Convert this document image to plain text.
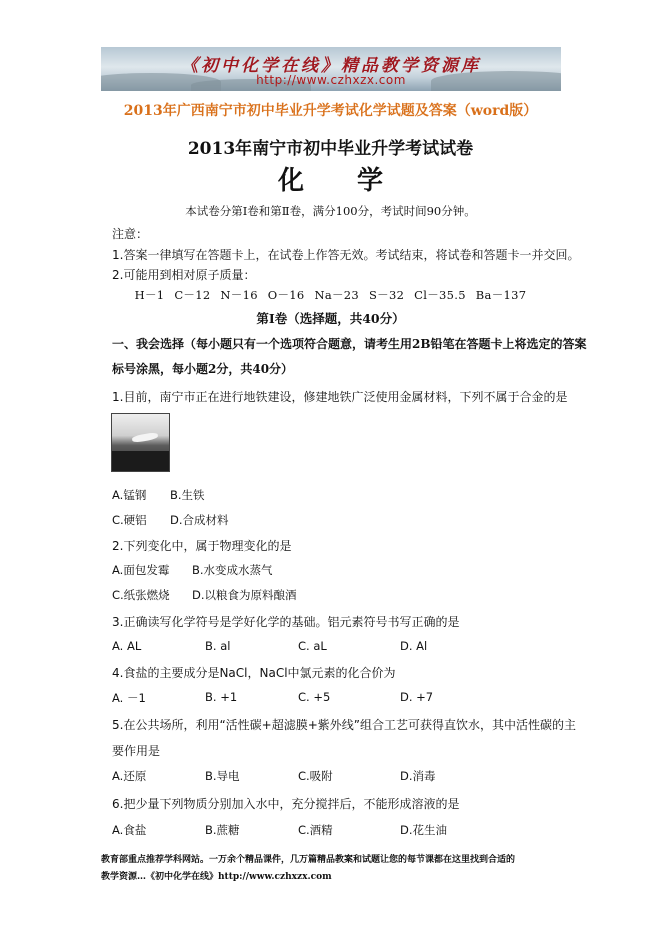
《初中化学在线》精品教学资源库
http://www.czhxzx.com
2013年广西南宁市初中毕业升学考试化学试题及答案（word版）
2013年南宁市初中毕业升学考试试卷
化 学
本试卷分第Ⅰ卷和第Ⅱ卷，满分100分，考试时间90分钟。
注意：
1.答案一律填写在答题卡上，在试卷上作答无效。考试结束，将试卷和答题卡一并交回。
2.可能用到相对原子质量：
H－1 C－12 N－16 O－16 Na－23 S－32 Cl－35.5 Ba－137
第Ⅰ卷（选择题，共40分）
一、我会选择（每小题只有一个选项符合题意，请考生用2B铅笔在答题卡上将选定的答案
标号涂黑，每小题2分，共40分）
1.目前，南宁市正在进行地铁建设，修建地铁广泛使用金属材料，下列不属于合金的是
A.锰钢 B.生铁
C.硬铝 D.合成材料
2.下列变化中，属于物理变化的是
A.面包发霉 B.水变成水蒸气
C.纸张燃烧 D.以粮食为原料酿酒
3.正确读写化学符号是学好化学的基础。铝元素符号书写正确的是
A. AL	B. al	C. aL	D. Al
4.食盐的主要成分是NaCl，NaCl中氯元素的化合价为
A. －1	B. +1	C. +5	D. +7
5.在公共场所，利用“活性碳+超滤膜+紫外线”组合工艺可获得直饮水，其中活性碳的主
要作用是
A.还原	B.导电	C.吸附	D.消毒
6.把少量下列物质分别加入水中，充分搅拌后，不能形成溶液的是
A.食盐	B.蔗糖	C.酒精	D.花生油
教育部重点推荐学科网站。一万余个精品课件，几万篇精品教案和试题让您的每节课都在这里找到合适的
教学资源…《初中化学在线》http://www.czhxzx.com
